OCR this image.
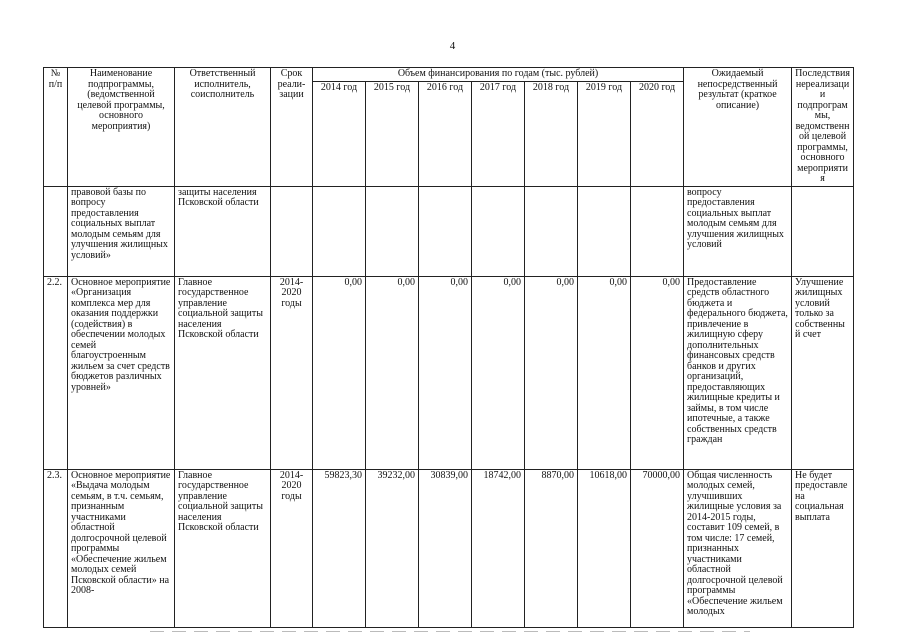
4
№ п/п	Наименование подпрограммы, (ведомственной целевой программы, основного мероприятия)	Ответственный исполнитель, соисполнитель	Срок реали-зации	Объем финансирования по годам (тыс. рублей)							Ожидаемый непосредственный результат (краткое описание)	Последствия нереализации подпрограммы, ведомственной целевой программы, основного мероприятия
				2014 год	2015 год	2016 год	2017 год	2018 год	2019 год	2020 год		
	правовой базы по вопросу предоставления социальных выплат молодым семьям для улучшения жилищных условий»	защиты населения Псковской области									вопросу предоставления социальных выплат молодым семьям для улучшения жилищных условий	
2.2.	Основное мероприятие «Организация комплекса мер для оказания поддержки (содействия) в обеспечении молодых семей благоустроенным жильем за счет средств бюджетов различных уровней»	Главное государственное управление социальной защиты населения Псковской области	2014-2020 годы	0,00	0,00	0,00	0,00	0,00	0,00	0,00	Предоставление средств областного бюджета и федерального бюджета, привлечение в жилищную сферу дополнительных финансовых средств банков и других организаций, предоставляющих жилищные кредиты и займы, в том числе ипотечные, а также собственных средств граждан	Улучшение жилищных условий только за собственный счет
2.3.	Основное мероприятие «Выдача молодым семьям, в т.ч. семьям, признанным участниками областной долгосрочной целевой программы «Обеспечение жильем молодых семей Псковской области» на 2008-	Главное государственное управление социальной защиты населения Псковской области	2014-2020 годы	59823,30	39232,00	30839,00	18742,00	8870,00	10618,00	70000,00	Общая численность молодых семей, улучшивших жилищные условия за 2014-2015 годы, составит 109 семей, в том числе: 17 семей, признанных участниками областной долгосрочной целевой программы «Обеспечение жильем молодых	Не будет предоставлена социальная выплата
